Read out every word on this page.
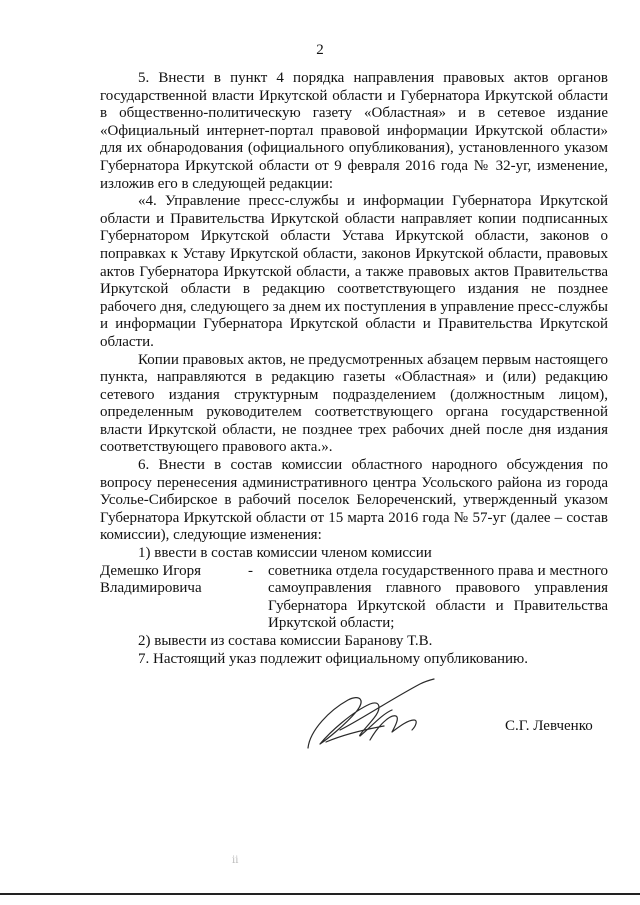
2

5. Внести в пункт 4 порядка направления правовых актов органов государственной власти Иркутской области и Губернатора Иркутской области в общественно-политическую газету «Областная» и в сетевое издание «Официальный интернет-портал правовой информации Иркутской области» для их обнародования (официального опубликования), установленного указом Губернатора Иркутской области от 9 февраля 2016 года № 32-уг, изменение, изложив его в следующей редакции:

«4. Управление пресс-службы и информации Губернатора Иркутской области и Правительства Иркутской области направляет копии подписанных Губернатором Иркутской области Устава Иркутской области, законов о поправках к Уставу Иркутской области, законов Иркутской области, правовых актов Губернатора Иркутской области, а также правовых актов Правительства Иркутской области в редакцию соответствующего издания не позднее рабочего дня, следующего за днем их поступления в управление пресс-службы и информации Губернатора Иркутской области и Правительства Иркутской области.

Копии правовых актов, не предусмотренных абзацем первым настоящего пункта, направляются в редакцию газеты «Областная» и (или) редакцию сетевого издания структурным подразделением (должностным лицом), определенным руководителем соответствующего органа государственной власти Иркутской области, не позднее трех рабочих дней после дня издания соответствующего правового акта.».

6. Внести в состав комиссии областного народного обсуждения по вопросу перенесения административного центра Усольского района из города Усолье-Сибирское в рабочий поселок Белореченский, утвержденный указом Губернатора Иркутской области от 15 марта 2016 года № 57-уг (далее – состав комиссии), следующие изменения:

1) ввести в состав комиссии членом комиссии

Демешко Игоря Владимировича
-	советника отдела государственного права и местного самоуправления главного правового управления Губернатора Иркутской области и Правительства Иркутской области;

2) вывести из состава комиссии Баранову Т.В.

7. Настоящий указ подлежит официальному опубликованию.

С.Г. Левченко
ⅱ
